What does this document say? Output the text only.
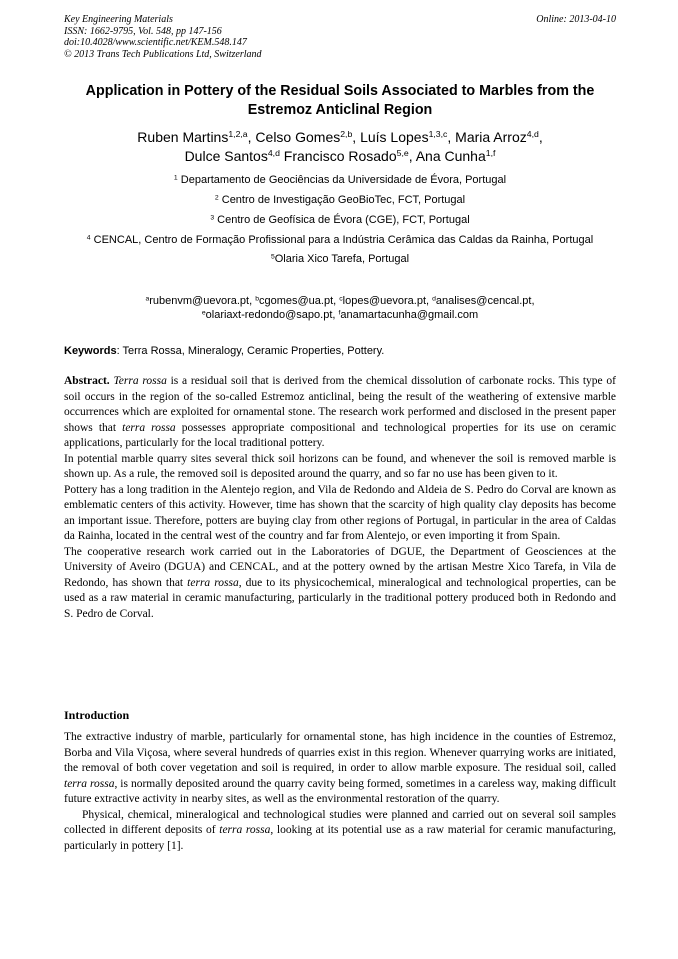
Key Engineering Materials
ISSN: 1662-9795, Vol. 548, pp 147-156
doi:10.4028/www.scientific.net/KEM.548.147
© 2013 Trans Tech Publications Ltd, Switzerland
Online: 2013-04-10
Application in Pottery of the Residual Soils Associated to Marbles from the Estremoz Anticlinal Region
Ruben Martins$^{1,2,a}$, Celso Gomes$^{2,b}$, Luís Lopes$^{1,3,c}$, Maria Arroz$^{4,d}$,
Dulce Santos$^{4,d}$ Francisco Rosado$^{5,e}$, Ana Cunha$^{1,f}$
$^1$ Departamento de Geociências da Universidade de Évora, Portugal
$^2$ Centro de Investigação GeoBioTec, FCT, Portugal
$^3$ Centro de Geofísica de Évora (CGE), FCT, Portugal
$^4$ CENCAL, Centro de Formação Profissional para a Indústria Cerâmica das Caldas da Rainha, Portugal
$^5$Olaria Xico Tarefa, Portugal
$^a$rubenvm@uevora.pt, $^b$cgomes@ua.pt, $^c$lopes@uevora.pt, $^d$analises@cencal.pt,
$^e$olariaxt-redondo@sapo.pt, $^f$anamartacunha@gmail.com
Keywords: Terra Rossa, Mineralogy, Ceramic Properties, Pottery.

Abstract. Terra rossa is a residual soil that is derived from the chemical dissolution of carbonate rocks. This type of soil occurs in the region of the so-called Estremoz anticlinal, being the result of the weathering of extensive marble occurrences which are exploited for ornamental stone. The research work performed and disclosed in the present paper shows that terra rossa possesses appropriate compositional and technological properties for its use on ceramic applications, particularly for the local traditional pottery.

In potential marble quarry sites several thick soil horizons can be found, and whenever the soil is removed marble is shown up. As a rule, the removed soil is deposited around the quarry, and so far no use has been given to it.

Pottery has a long tradition in the Alentejo region, and Vila de Redondo and Aldeia de S. Pedro do Corval are known as emblematic centers of this activity. However, time has shown that the scarcity of high quality clay deposits has become an important issue. Therefore, potters are buying clay from other regions of Portugal, in particular in the area of Caldas da Rainha, located in the central west of the country and far from Alentejo, or even importing it from Spain.

The cooperative research work carried out in the Laboratories of DGUE, the Department of Geosciences at the University of Aveiro (DGUA) and CENCAL, and at the pottery owned by the artisan Mestre Xico Tarefa, in Vila de Redondo, has shown that terra rossa, due to its physicochemical, mineralogical and technological properties, can be used as a raw material in ceramic manufacturing, particularly in the traditional pottery produced both in Redondo and S. Pedro de Corval.

Introduction

The extractive industry of marble, particularly for ornamental stone, has high incidence in the counties of Estremoz, Borba and Vila Viçosa, where several hundreds of quarries exist in this region. Whenever quarrying works are initiated, the removal of both cover vegetation and soil is required, in order to allow marble exposure. The residual soil, called terra rossa, is normally deposited around the quarry cavity being formed, sometimes in a careless way, making difficult future extractive activity in nearby sites, as well as the environmental restoration of the quarry.

Physical, chemical, mineralogical and technological studies were planned and carried out on several soil samples collected in different deposits of terra rossa, looking at its potential use as a raw material for ceramic manufacturing, particularly in pottery [1].
